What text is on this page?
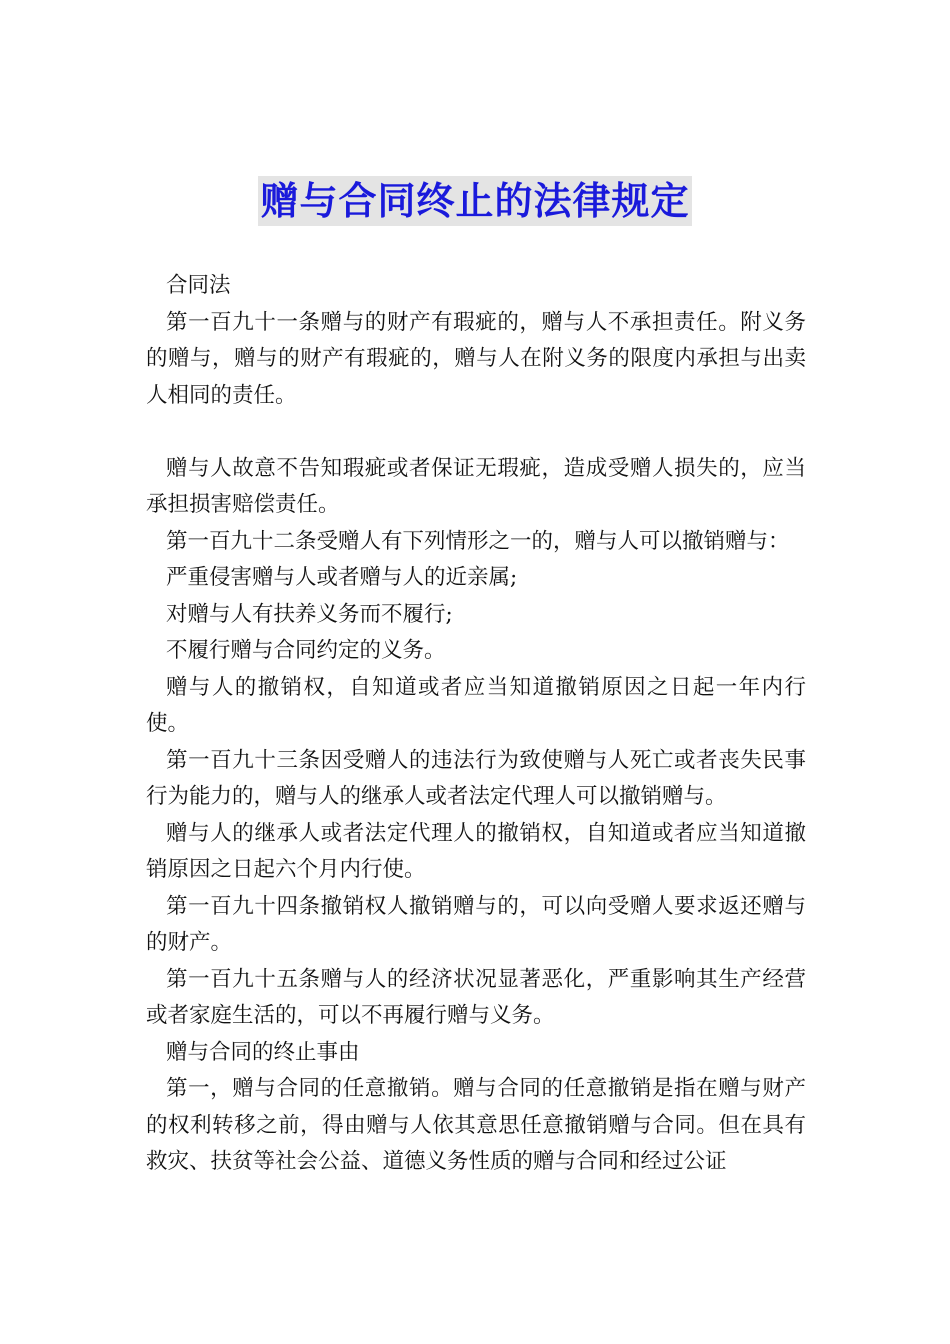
赠与合同终止的法律规定

合同法

第一百九十一条赠与的财产有瑕疵的，赠与人不承担责任。附义务的赠与，赠与的财产有瑕疵的，赠与人在附义务的限度内承担与出卖人相同的责任。

赠与人故意不告知瑕疵或者保证无瑕疵，造成受赠人损失的，应当承担损害赔偿责任。

第一百九十二条受赠人有下列情形之一的，赠与人可以撤销赠与：

严重侵害赠与人或者赠与人的近亲属;

对赠与人有扶养义务而不履行;

不履行赠与合同约定的义务。

赠与人的撤销权，自知道或者应当知道撤销原因之日起一年内行使。

第一百九十三条因受赠人的违法行为致使赠与人死亡或者丧失民事行为能力的，赠与人的继承人或者法定代理人可以撤销赠与。

赠与人的继承人或者法定代理人的撤销权，自知道或者应当知道撤销原因之日起六个月内行使。

第一百九十四条撤销权人撤销赠与的，可以向受赠人要求返还赠与的财产。

第一百九十五条赠与人的经济状况显著恶化，严重影响其生产经营或者家庭生活的，可以不再履行赠与义务。

赠与合同的终止事由

第一，赠与合同的任意撤销。赠与合同的任意撤销是指在赠与财产的权利转移之前，得由赠与人依其意思任意撤销赠与合同。但在具有救灾、扶贫等社会公益、道德义务性质的赠与合同和经过公证
